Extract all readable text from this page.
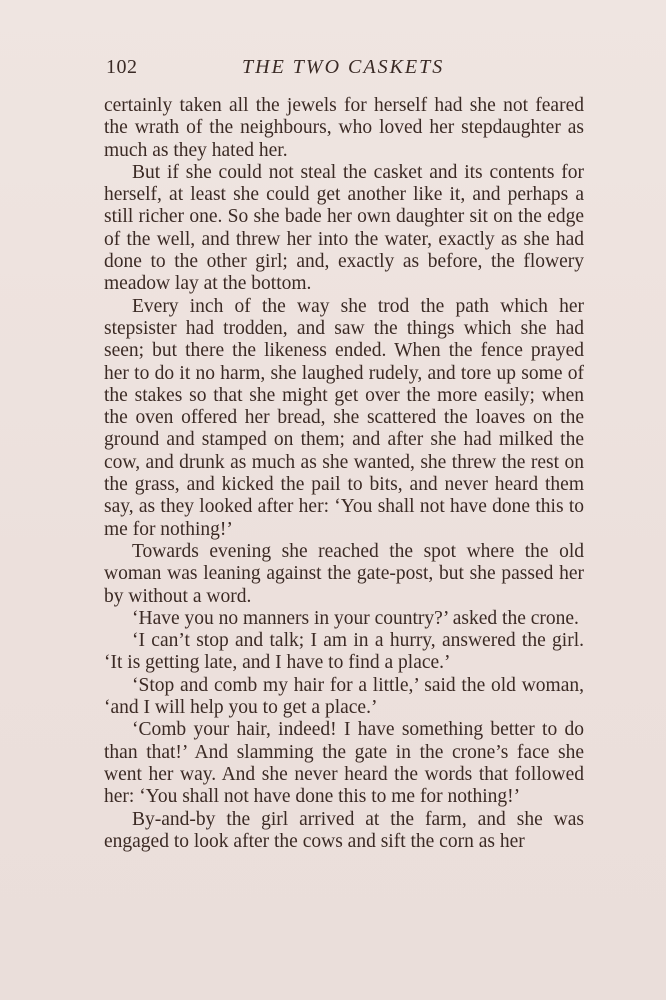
102	THE TWO CASKETS

certainly taken all the jewels for herself had she not feared the wrath of the neighbours, who loved her stepdaughter as much as they hated her.

But if she could not steal the casket and its contents for herself, at least she could get another like it, and perhaps a still richer one. So she bade her own daughter sit on the edge of the well, and threw her into the water, exactly as she had done to the other girl; and, exactly as before, the flowery meadow lay at the bottom.

Every inch of the way she trod the path which her stepsister had trodden, and saw the things which she had seen; but there the likeness ended. When the fence prayed her to do it no harm, she laughed rudely, and tore up some of the stakes so that she might get over the more easily; when the oven offered her bread, she scattered the loaves on the ground and stamped on them; and after she had milked the cow, and drunk as much as she wanted, she threw the rest on the grass, and kicked the pail to bits, and never heard them say, as they looked after her: ‘You shall not have done this to me for nothing!’

Towards evening she reached the spot where the old woman was leaning against the gate-post, but she passed her by without a word.

‘Have you no manners in your country?’ asked the crone.

‘I can’t stop and talk; I am in a hurry, answered the girl. ‘It is getting late, and I have to find a place.’

‘Stop and comb my hair for a little,’ said the old woman, ‘and I will help you to get a place.’

‘Comb your hair, indeed! I have something better to do than that!’ And slamming the gate in the crone’s face she went her way. And she never heard the words that followed her: ‘You shall not have done this to me for nothing!’

By-and-by the girl arrived at the farm, and she was engaged to look after the cows and sift the corn as her
